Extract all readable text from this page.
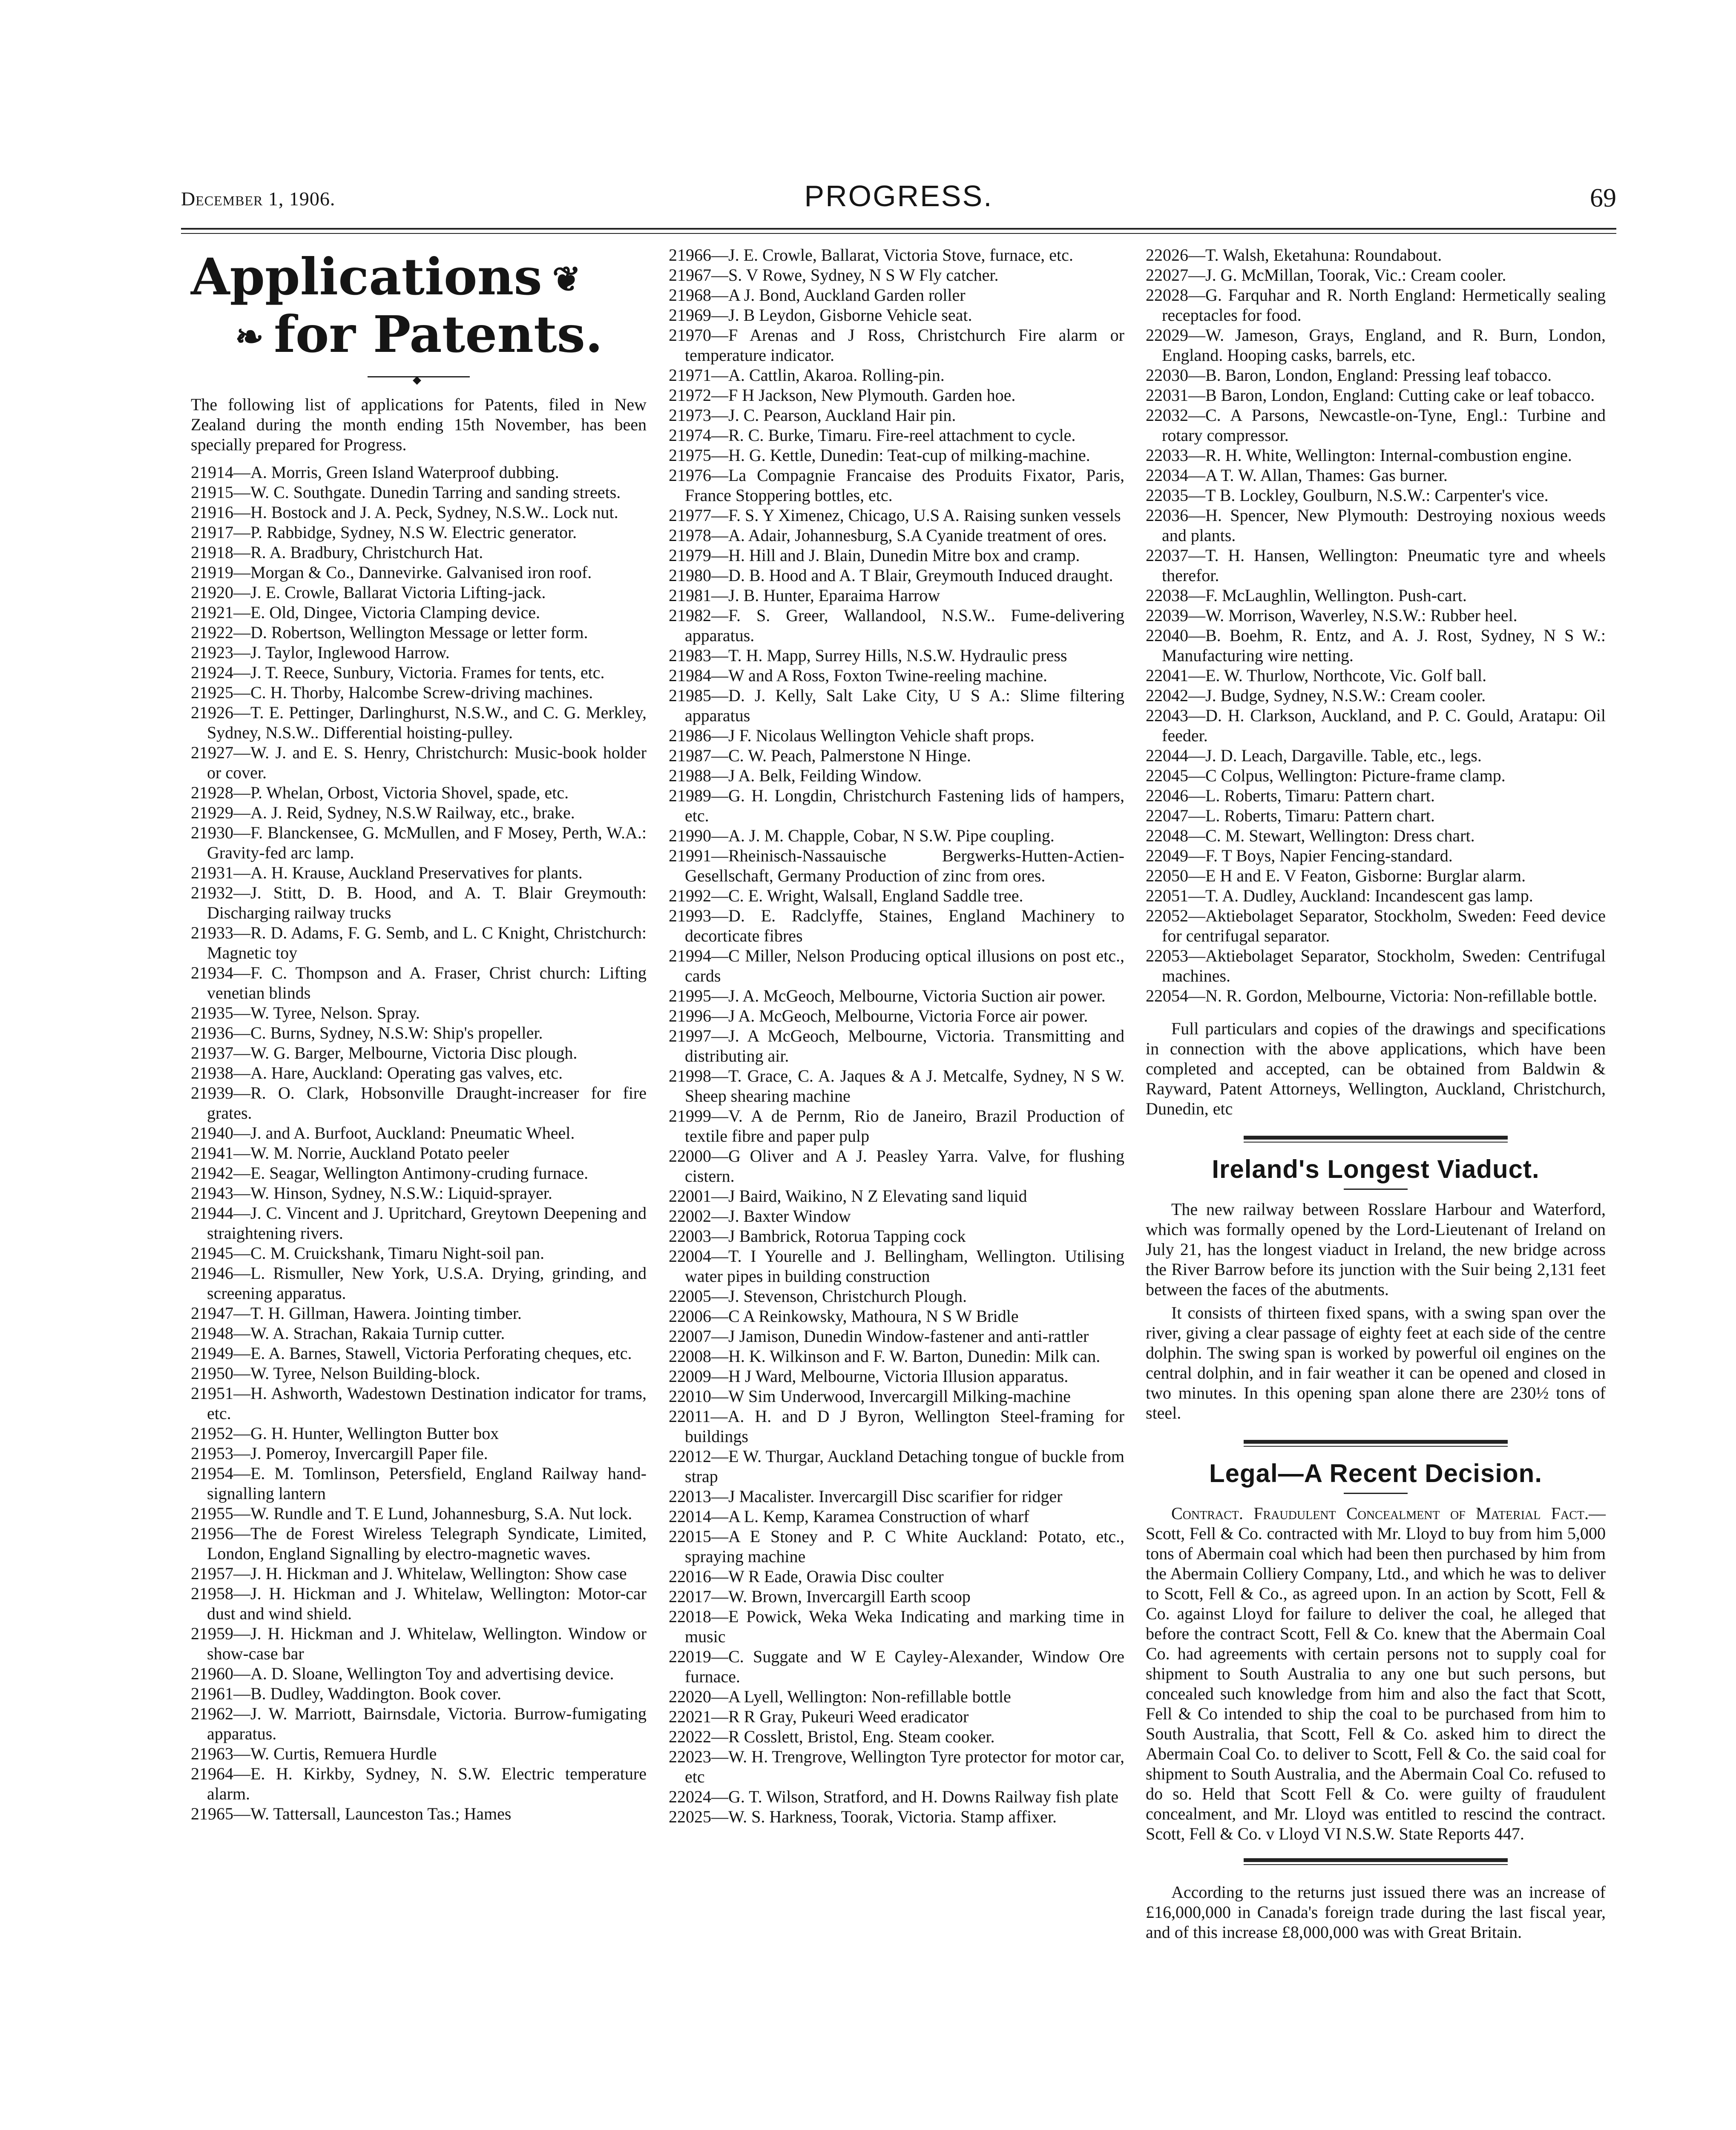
December 1, 1906.	PROGRESS.	69
Applications ❦
❧ for Patents.
◆

The following list of applications for Patents, filed in New Zealand during the month ending 15th November, has been specially prepared for Progress.

21914—A. Morris, Green Island Waterproof dubbing.

21915—W. C. Southgate. Dunedin Tarring and sanding streets.

21916—H. Bostock and J. A. Peck, Sydney, N.S.W.. Lock nut.

21917—P. Rabbidge, Sydney, N.S W. Electric generator.

21918—R. A. Bradbury, Christchurch Hat.

21919—Morgan & Co., Dannevirke. Galvanised iron roof.

21920—J. E. Crowle, Ballarat Victoria Lifting-jack.

21921—E. Old, Dingee, Victoria Clamping device.

21922—D. Robertson, Wellington Message or letter form.

21923—J. Taylor, Inglewood Harrow.

21924—J. T. Reece, Sunbury, Victoria. Frames for tents, etc.

21925—C. H. Thorby, Halcombe Screw-driving machines.

21926—T. E. Pettinger, Darlinghurst, N.S.W., and C. G. Merkley, Sydney, N.S.W.. Differential hoisting-pulley.

21927—W. J. and E. S. Henry, Christchurch: Music-book holder or cover.

21928—P. Whelan, Orbost, Victoria Shovel, spade, etc.

21929—A. J. Reid, Sydney, N.S.W Railway, etc., brake.

21930—F. Blanckensee, G. McMullen, and F Mosey, Perth, W.A.: Gravity-fed arc lamp.

21931—A. H. Krause, Auckland Preservatives for plants.

21932—J. Stitt, D. B. Hood, and A. T. Blair Greymouth: Discharging railway trucks

21933—R. D. Adams, F. G. Semb, and L. C Knight, Christchurch: Magnetic toy

21934—F. C. Thompson and A. Fraser, Christ church: Lifting venetian blinds

21935—W. Tyree, Nelson. Spray.

21936—C. Burns, Sydney, N.S.W: Ship's propeller.

21937—W. G. Barger, Melbourne, Victoria Disc plough.

21938—A. Hare, Auckland: Operating gas valves, etc.

21939—R. O. Clark, Hobsonville Draught-increaser for fire grates.

21940—J. and A. Burfoot, Auckland: Pneumatic Wheel.

21941—W. M. Norrie, Auckland Potato peeler

21942—E. Seagar, Wellington Antimony-cruding furnace.

21943—W. Hinson, Sydney, N.S.W.: Liquid-sprayer.

21944—J. C. Vincent and J. Upritchard, Greytown Deepening and straightening rivers.

21945—C. M. Cruickshank, Timaru Night-soil pan.

21946—L. Rismuller, New York, U.S.A. Drying, grinding, and screening apparatus.

21947—T. H. Gillman, Hawera. Jointing timber.

21948—W. A. Strachan, Rakaia Turnip cutter.

21949—E. A. Barnes, Stawell, Victoria Perforating cheques, etc.

21950—W. Tyree, Nelson Building-block.

21951—H. Ashworth, Wadestown Destination indicator for trams, etc.

21952—G. H. Hunter, Wellington Butter box

21953—J. Pomeroy, Invercargill Paper file.

21954—E. M. Tomlinson, Petersfield, England Railway hand-signalling lantern

21955—W. Rundle and T. E Lund, Johannesburg, S.A. Nut lock.

21956—The de Forest Wireless Telegraph Syndicate, Limited, London, England Signalling by electro-magnetic waves.

21957—J. H. Hickman and J. Whitelaw, Wellington: Show case

21958—J. H. Hickman and J. Whitelaw, Wellington: Motor-car dust and wind shield.

21959—J. H. Hickman and J. Whitelaw, Wellington. Window or show-case bar

21960—A. D. Sloane, Wellington Toy and advertising device.

21961—B. Dudley, Waddington. Book cover.

21962—J. W. Marriott, Bairnsdale, Victoria. Burrow-fumigating apparatus.

21963—W. Curtis, Remuera Hurdle

21964—E. H. Kirkby, Sydney, N. S.W. Electric temperature alarm.

21965—W. Tattersall, Launceston Tas.; Hames

21966—J. E. Crowle, Ballarat, Victoria Stove, furnace, etc.

21967—S. V Rowe, Sydney, N S W Fly catcher.

21968—A J. Bond, Auckland Garden roller

21969—J. B Leydon, Gisborne Vehicle seat.

21970—F Arenas and J Ross, Christchurch Fire alarm or temperature indicator.

21971—A. Cattlin, Akaroa. Rolling-pin.

21972—F H Jackson, New Plymouth. Garden hoe.

21973—J. C. Pearson, Auckland Hair pin.

21974—R. C. Burke, Timaru. Fire-reel attachment to cycle.

21975—H. G. Kettle, Dunedin: Teat-cup of milking-machine.

21976—La Compagnie Francaise des Produits Fixator, Paris, France Stoppering bottles, etc.

21977—F. S. Y Ximenez, Chicago, U.S A. Raising sunken vessels

21978—A. Adair, Johannesburg, S.A Cyanide treatment of ores.

21979—H. Hill and J. Blain, Dunedin Mitre box and cramp.

21980—D. B. Hood and A. T Blair, Greymouth Induced draught.

21981—J. B. Hunter, Eparaima Harrow

21982—F. S. Greer, Wallandool, N.S.W.. Fume-delivering apparatus.

21983—T. H. Mapp, Surrey Hills, N.S.W. Hydraulic press

21984—W and A Ross, Foxton Twine-reeling machine.

21985—D. J. Kelly, Salt Lake City, U S A.: Slime filtering apparatus

21986—J F. Nicolaus Wellington Vehicle shaft props.

21987—C. W. Peach, Palmerstone N Hinge.

21988—J A. Belk, Feilding Window.

21989—G. H. Longdin, Christchurch Fastening lids of hampers, etc.

21990—A. J. M. Chapple, Cobar, N S.W. Pipe coupling.

21991—Rheinisch-Nassauische Bergwerks-Hutten-Actien-Gesellschaft, Germany Production of zinc from ores.

21992—C. E. Wright, Walsall, England Saddle tree.

21993—D. E. Radclyffe, Staines, England Machinery to decorticate fibres

21994—C Miller, Nelson Producing optical illusions on post etc., cards

21995—J. A. McGeoch, Melbourne, Victoria Suction air power.

21996—J A. McGeoch, Melbourne, Victoria Force air power.

21997—J. A McGeoch, Melbourne, Victoria. Transmitting and distributing air.

21998—T. Grace, C. A. Jaques & A J. Metcalfe, Sydney, N S W. Sheep shearing machine

21999—V. A de Pernm, Rio de Janeiro, Brazil Production of textile fibre and paper pulp

22000—G Oliver and A J. Peasley Yarra. Valve, for flushing cistern.

22001—J Baird, Waikino, N Z Elevating sand liquid

22002—J. Baxter Window

22003—J Bambrick, Rotorua Tapping cock

22004—T. I Yourelle and J. Bellingham, Wellington. Utilising water pipes in building construction

22005—J. Stevenson, Christchurch Plough.

22006—C A Reinkowsky, Mathoura, N S W Bridle

22007—J Jamison, Dunedin Window-fastener and anti-rattler

22008—H. K. Wilkinson and F. W. Barton, Dunedin: Milk can.

22009—H J Ward, Melbourne, Victoria Illusion apparatus.

22010—W Sim Underwood, Invercargill Milking-machine

22011—A. H. and D J Byron, Wellington Steel-framing for buildings

22012—E W. Thurgar, Auckland Detaching tongue of buckle from strap

22013—J Macalister. Invercargill Disc scarifier for ridger

22014—A L. Kemp, Karamea Construction of wharf

22015—A E Stoney and P. C White Auckland: Potato, etc., spraying machine

22016—W R Eade, Orawia Disc coulter

22017—W. Brown, Invercargill Earth scoop

22018—E Powick, Weka Weka Indicating and marking time in music

22019—C. Suggate and W E Cayley-Alexander, Window Ore furnace.

22020—A Lyell, Wellington: Non-refillable bottle

22021—R R Gray, Pukeuri Weed eradicator

22022—R Cosslett, Bristol, Eng. Steam cooker.

22023—W. H. Trengrove, Wellington Tyre protector for motor car, etc

22024—G. T. Wilson, Stratford, and H. Downs Railway fish plate

22025—W. S. Harkness, Toorak, Victoria. Stamp affixer.

22026—T. Walsh, Eketahuna: Roundabout.

22027—J. G. McMillan, Toorak, Vic.: Cream cooler.

22028—G. Farquhar and R. North England: Hermetically sealing receptacles for food.

22029—W. Jameson, Grays, England, and R. Burn, London, England. Hooping casks, barrels, etc.

22030—B. Baron, London, England: Pressing leaf tobacco.

22031—B Baron, London, England: Cutting cake or leaf tobacco.

22032—C. A Parsons, Newcastle-on-Tyne, Engl.: Turbine and rotary compressor.

22033—R. H. White, Wellington: Internal-combustion engine.

22034—A T. W. Allan, Thames: Gas burner.

22035—T B. Lockley, Goulburn, N.S.W.: Carpenter's vice.

22036—H. Spencer, New Plymouth: Destroying noxious weeds and plants.

22037—T. H. Hansen, Wellington: Pneumatic tyre and wheels therefor.

22038—F. McLaughlin, Wellington. Push-cart.

22039—W. Morrison, Waverley, N.S.W.: Rubber heel.

22040—B. Boehm, R. Entz, and A. J. Rost, Sydney, N S W.: Manufacturing wire netting.

22041—E. W. Thurlow, Northcote, Vic. Golf ball.

22042—J. Budge, Sydney, N.S.W.: Cream cooler.

22043—D. H. Clarkson, Auckland, and P. C. Gould, Aratapu: Oil feeder.

22044—J. D. Leach, Dargaville. Table, etc., legs.

22045—C Colpus, Wellington: Picture-frame clamp.

22046—L. Roberts, Timaru: Pattern chart.

22047—L. Roberts, Timaru: Pattern chart.

22048—C. M. Stewart, Wellington: Dress chart.

22049—F. T Boys, Napier Fencing-standard.

22050—E H and E. V Featon, Gisborne: Burglar alarm.

22051—T. A. Dudley, Auckland: Incandescent gas lamp.

22052—Aktiebolaget Separator, Stockholm, Sweden: Feed device for centrifugal separator.

22053—Aktiebolaget Separator, Stockholm, Sweden: Centrifugal machines.

22054—N. R. Gordon, Melbourne, Victoria: Non-refillable bottle.

Full particulars and copies of the drawings and specifications in connection with the above applications, which have been completed and accepted, can be obtained from Baldwin & Rayward, Patent Attorneys, Wellington, Auckland, Christchurch, Dunedin, etc

Ireland's Longest Viaduct.

The new railway between Rosslare Harbour and Waterford, which was formally opened by the Lord-Lieutenant of Ireland on July 21, has the longest viaduct in Ireland, the new bridge across the River Barrow before its junction with the Suir being 2,131 feet between the faces of the abutments.

It consists of thirteen fixed spans, with a swing span over the river, giving a clear passage of eighty feet at each side of the centre dolphin. The swing span is worked by powerful oil engines on the central dolphin, and in fair weather it can be opened and closed in two minutes. In this opening span alone there are 230½ tons of steel.

Legal—A Recent Decision.

Contract. Fraudulent Concealment of Material Fact.—Scott, Fell & Co. contracted with Mr. Lloyd to buy from him 5,000 tons of Abermain coal which had been then purchased by him from the Abermain Colliery Company, Ltd., and which he was to deliver to Scott, Fell & Co., as agreed upon. In an action by Scott, Fell & Co. against Lloyd for failure to deliver the coal, he alleged that before the contract Scott, Fell & Co. knew that the Abermain Coal Co. had agreements with certain persons not to supply coal for shipment to South Australia to any one but such persons, but concealed such knowledge from him and also the fact that Scott, Fell & Co intended to ship the coal to be purchased from him to South Australia, that Scott, Fell & Co. asked him to direct the Abermain Coal Co. to deliver to Scott, Fell & Co. the said coal for shipment to South Australia, and the Abermain Coal Co. refused to do so. Held that Scott Fell & Co. were guilty of fraudulent concealment, and Mr. Lloyd was entitled to rescind the contract. Scott, Fell & Co. v Lloyd VI N.S.W. State Reports 447.

According to the returns just issued there was an increase of £16,000,000 in Canada's foreign trade during the last fiscal year, and of this increase £8,000,000 was with Great Britain.
